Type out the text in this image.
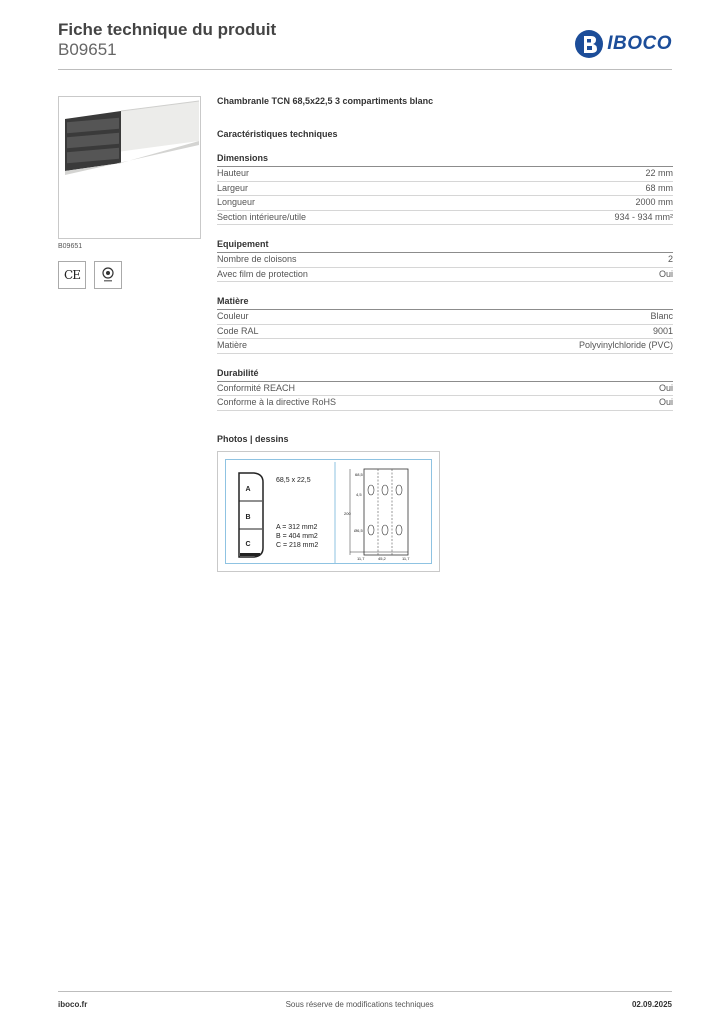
Fiche technique du produit
B09651	IBOCO
B09651
CE
Chambranle TCN 68,5x22,5 3 compartiments blanc
Caractéristiques techniques
Dimensions
Hauteur	22 mm
Largeur	68 mm
Longueur	2000 mm
Section intérieure/utile	934 - 934 mm²
Equipement
Nombre de cloisons	2
Avec film de protection	Oui
Matière
Couleur	Blanc
Code RAL	9001
Matière	Polyvinylchloride (PVC)
Durabilité
Conformité REACH	Oui
Conforme à la directive RoHS	Oui
Photos | dessins
A
B
C
68,5
4,5
200
Ø6,5
11,7	45,2	11,7
68,5 x 22,5
A = 312 mm2
B = 404 mm2
C = 218 mm2
iboco.fr	Sous réserve de modifications techniques	02.09.2025
